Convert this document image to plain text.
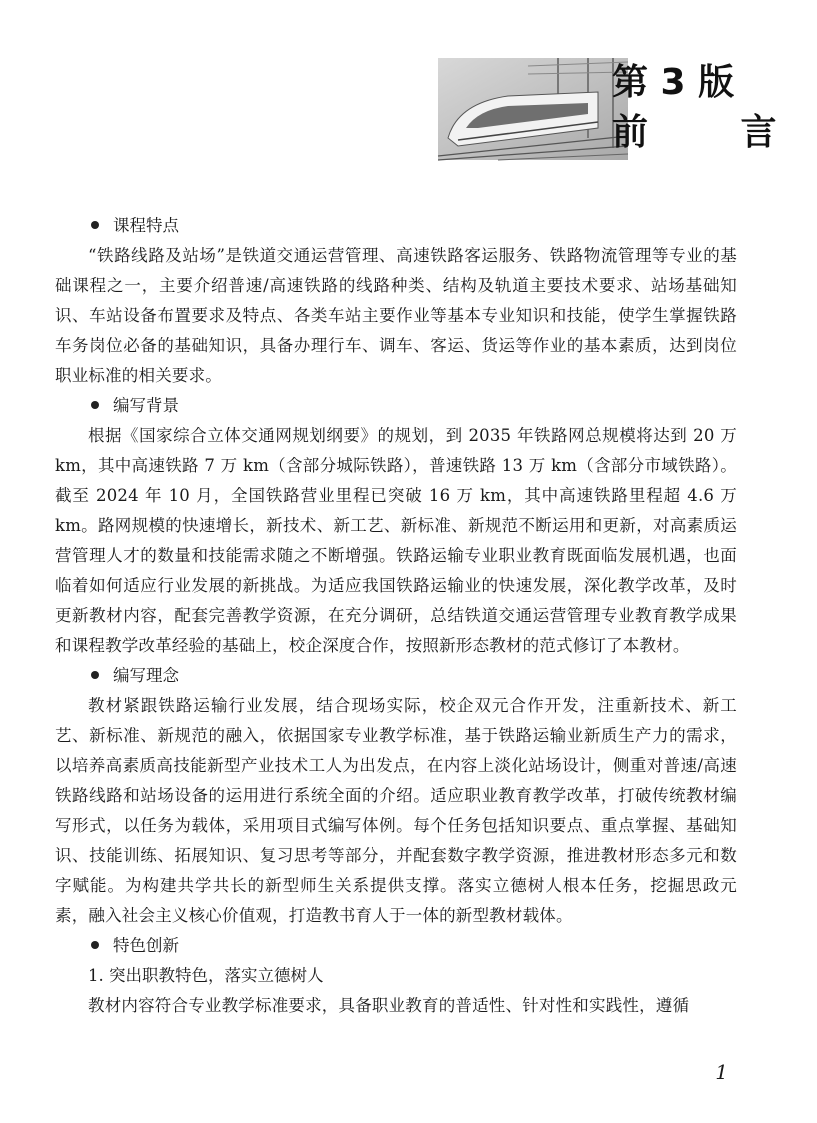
第 3 版
前 言
课程特点
“铁路线路及站场”是铁道交通运营管理、高速铁路客运服务、铁路物流管理等专业的基础课程之一，主要介绍普速/高速铁路的线路种类、结构及轨道主要技术要求、站场基础知识、车站设备布置要求及特点、各类车站主要作业等基本专业知识和技能，使学生掌握铁路车务岗位必备的基础知识，具备办理行车、调车、客运、货运等作业的基本素质，达到岗位职业标准的相关要求。
编写背景
根据《国家综合立体交通网规划纲要》的规划，到 2035 年铁路网总规模将达到 20 万 km，其中高速铁路 7 万 km（含部分城际铁路），普速铁路 13 万 km（含部分市域铁路）。截至 2024 年 10 月，全国铁路营业里程已突破 16 万 km，其中高速铁路里程超 4.6 万 km。路网规模的快速增长，新技术、新工艺、新标准、新规范不断运用和更新，对高素质运营管理人才的数量和技能需求随之不断增强。铁路运输专业职业教育既面临发展机遇，也面临着如何适应行业发展的新挑战。为适应我国铁路运输业的快速发展，深化教学改革，及时更新教材内容，配套完善教学资源，在充分调研，总结铁道交通运营管理专业教育教学成果和课程教学改革经验的基础上，校企深度合作，按照新形态教材的范式修订了本教材。
编写理念
教材紧跟铁路运输行业发展，结合现场实际，校企双元合作开发，注重新技术、新工艺、新标准、新规范的融入，依据国家专业教学标准，基于铁路运输业新质生产力的需求，以培养高素质高技能新型产业技术工人为出发点，在内容上淡化站场设计，侧重对普速/高速铁路线路和站场设备的运用进行系统全面的介绍。适应职业教育教学改革，打破传统教材编写形式，以任务为载体，采用项目式编写体例。每个任务包括知识要点、重点掌握、基础知识、技能训练、拓展知识、复习思考等部分，并配套数字教学资源，推进教材形态多元和数字赋能。为构建共学共长的新型师生关系提供支撑。落实立德树人根本任务，挖掘思政元素，融入社会主义核心价值观，打造教书育人于一体的新型教材载体。
特色创新
1. 突出职教特色，落实立德树人
教材内容符合专业教学标准要求，具备职业教育的普适性、针对性和实践性，遵循
1
